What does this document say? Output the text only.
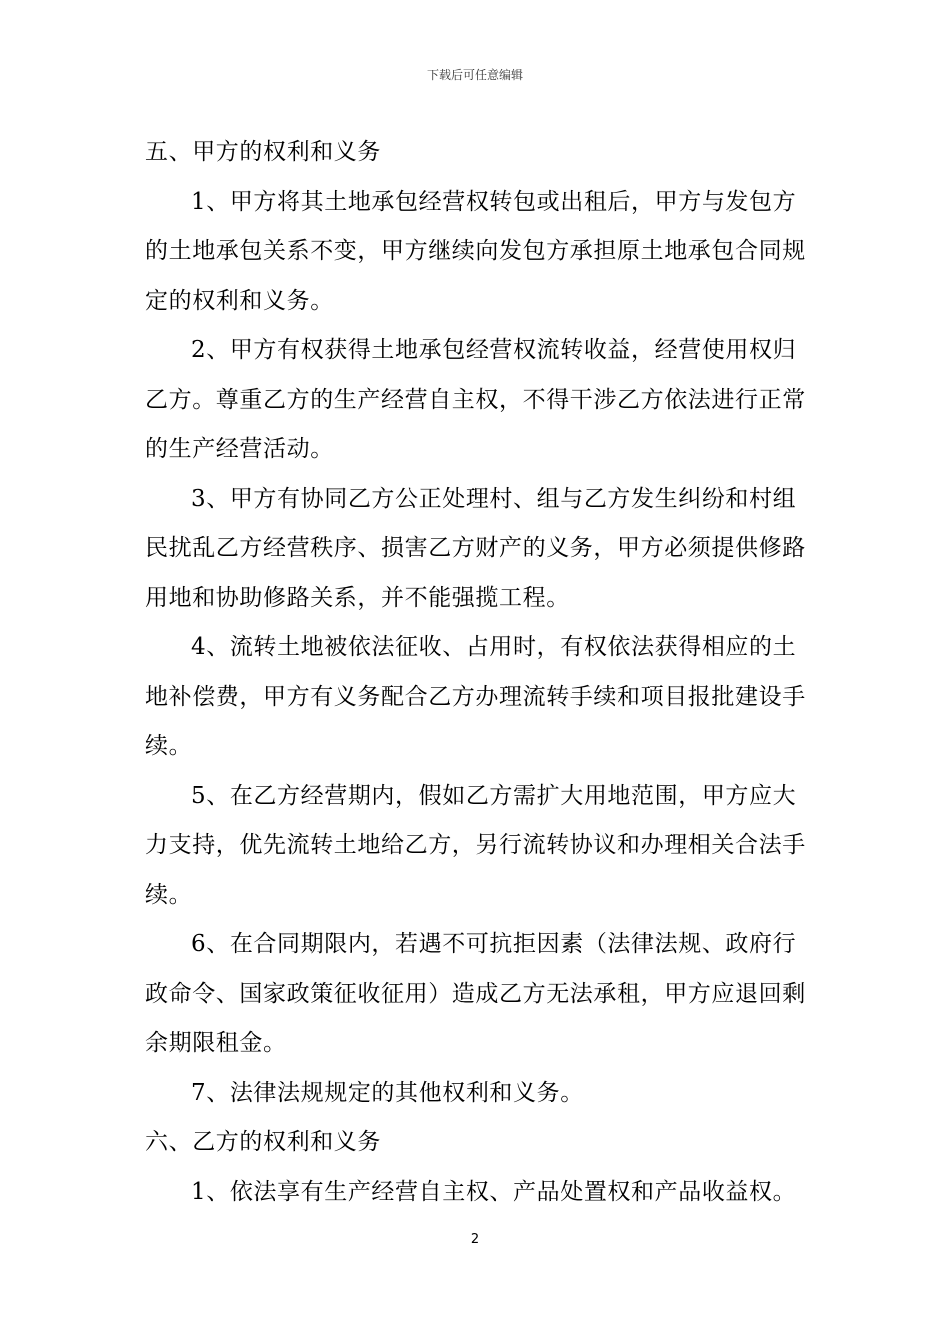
下载后可任意编辑

五、甲方的权利和义务

1、甲方将其土地承包经营权转包或出租后，甲方与发包方的土地承包关系不变，甲方继续向发包方承担原土地承包合同规定的权利和义务。

2、甲方有权获得土地承包经营权流转收益，经营使用权归乙方。尊重乙方的生产经营自主权，不得干涉乙方依法进行正常的生产经营活动。

3、甲方有协同乙方公正处理村、组与乙方发生纠纷和村组民扰乱乙方经营秩序、损害乙方财产的义务，甲方必须提供修路用地和协助修路关系，并不能强揽工程。

4、流转土地被依法征收、占用时，有权依法获得相应的土地补偿费，甲方有义务配合乙方办理流转手续和项目报批建设手续。

5、在乙方经营期内，假如乙方需扩大用地范围，甲方应大力支持，优先流转土地给乙方，另行流转协议和办理相关合法手续。

6、在合同期限内，若遇不可抗拒因素（法律法规、政府行政命令、国家政策征收征用）造成乙方无法承租，甲方应退回剩余期限租金。

7、法律法规规定的其他权利和义务。

六、乙方的权利和义务

1、依法享有生产经营自主权、产品处置权和产品收益权。

2
